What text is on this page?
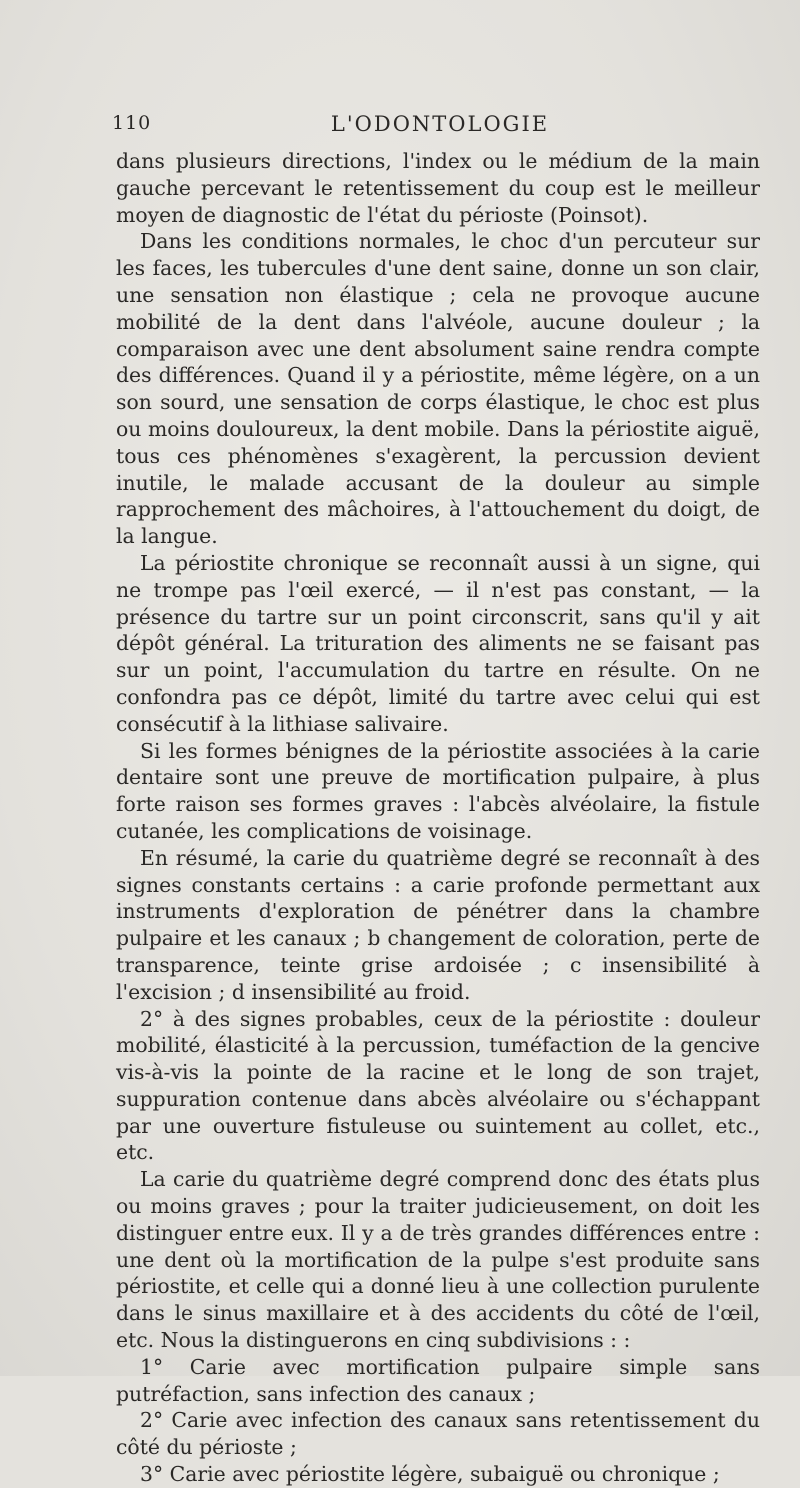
110	L'ODONTOLOGIE

dans plusieurs directions, l'index ou le médium de la main gauche percevant le retentissement du coup est le meilleur moyen de diagnostic de l'état du périoste (Poinsot).

Dans les conditions normales, le choc d'un percuteur sur les faces, les tubercules d'une dent saine, donne un son clair, une sensation non élastique ; cela ne provoque aucune mobilité de la dent dans l'alvéole, aucune douleur ; la comparaison avec une dent absolument saine rendra compte des différences. Quand il y a périostite, même légère, on a un son sourd, une sensation de corps élastique, le choc est plus ou moins douloureux, la dent mobile. Dans la périostite aiguë, tous ces phénomènes s'exagèrent, la percussion devient inutile, le malade accusant de la douleur au simple rapprochement des mâchoires, à l'attouchement du doigt, de la langue.

La périostite chronique se reconnaît aussi à un signe, qui ne trompe pas l'œil exercé, — il n'est pas constant, — la présence du tartre sur un point circonscrit, sans qu'il y ait dépôt général. La trituration des aliments ne se faisant pas sur un point, l'accumulation du tartre en résulte. On ne confondra pas ce dépôt, limité du tartre avec celui qui est consécutif à la lithiase salivaire.

Si les formes bénignes de la périostite associées à la carie dentaire sont une preuve de mortification pulpaire, à plus forte raison ses formes graves : l'abcès alvéolaire, la fistule cutanée, les complications de voisinage.

En résumé, la carie du quatrième degré se reconnaît à des signes constants certains : a carie profonde permettant aux instruments d'exploration de pénétrer dans la chambre pulpaire et les canaux ; b changement de coloration, perte de transparence, teinte grise ardoisée ; c insensibilité à l'excision ; d insensibilité au froid.

2° à des signes probables, ceux de la périostite : douleur mobilité, élasticité à la percussion, tuméfaction de la gencive vis-à-vis la pointe de la racine et le long de son trajet, suppuration contenue dans abcès alvéolaire ou s'échappant par une ouverture fistuleuse ou suintement au collet, etc., etc.

La carie du quatrième degré comprend donc des états plus ou moins graves ; pour la traiter judicieusement, on doit les distinguer entre eux. Il y a de très grandes différences entre : une dent où la mortification de la pulpe s'est produite sans périostite, et celle qui a donné lieu à une collection purulente dans le sinus maxillaire et à des accidents du côté de l'œil, etc. Nous la distinguerons en cinq subdivisions : :

1° Carie avec mortification pulpaire simple sans putréfaction, sans infection des canaux ;

2° Carie avec infection des canaux sans retentissement du côté du périoste ;

3° Carie avec périostite légère, subaiguë ou chronique ;
